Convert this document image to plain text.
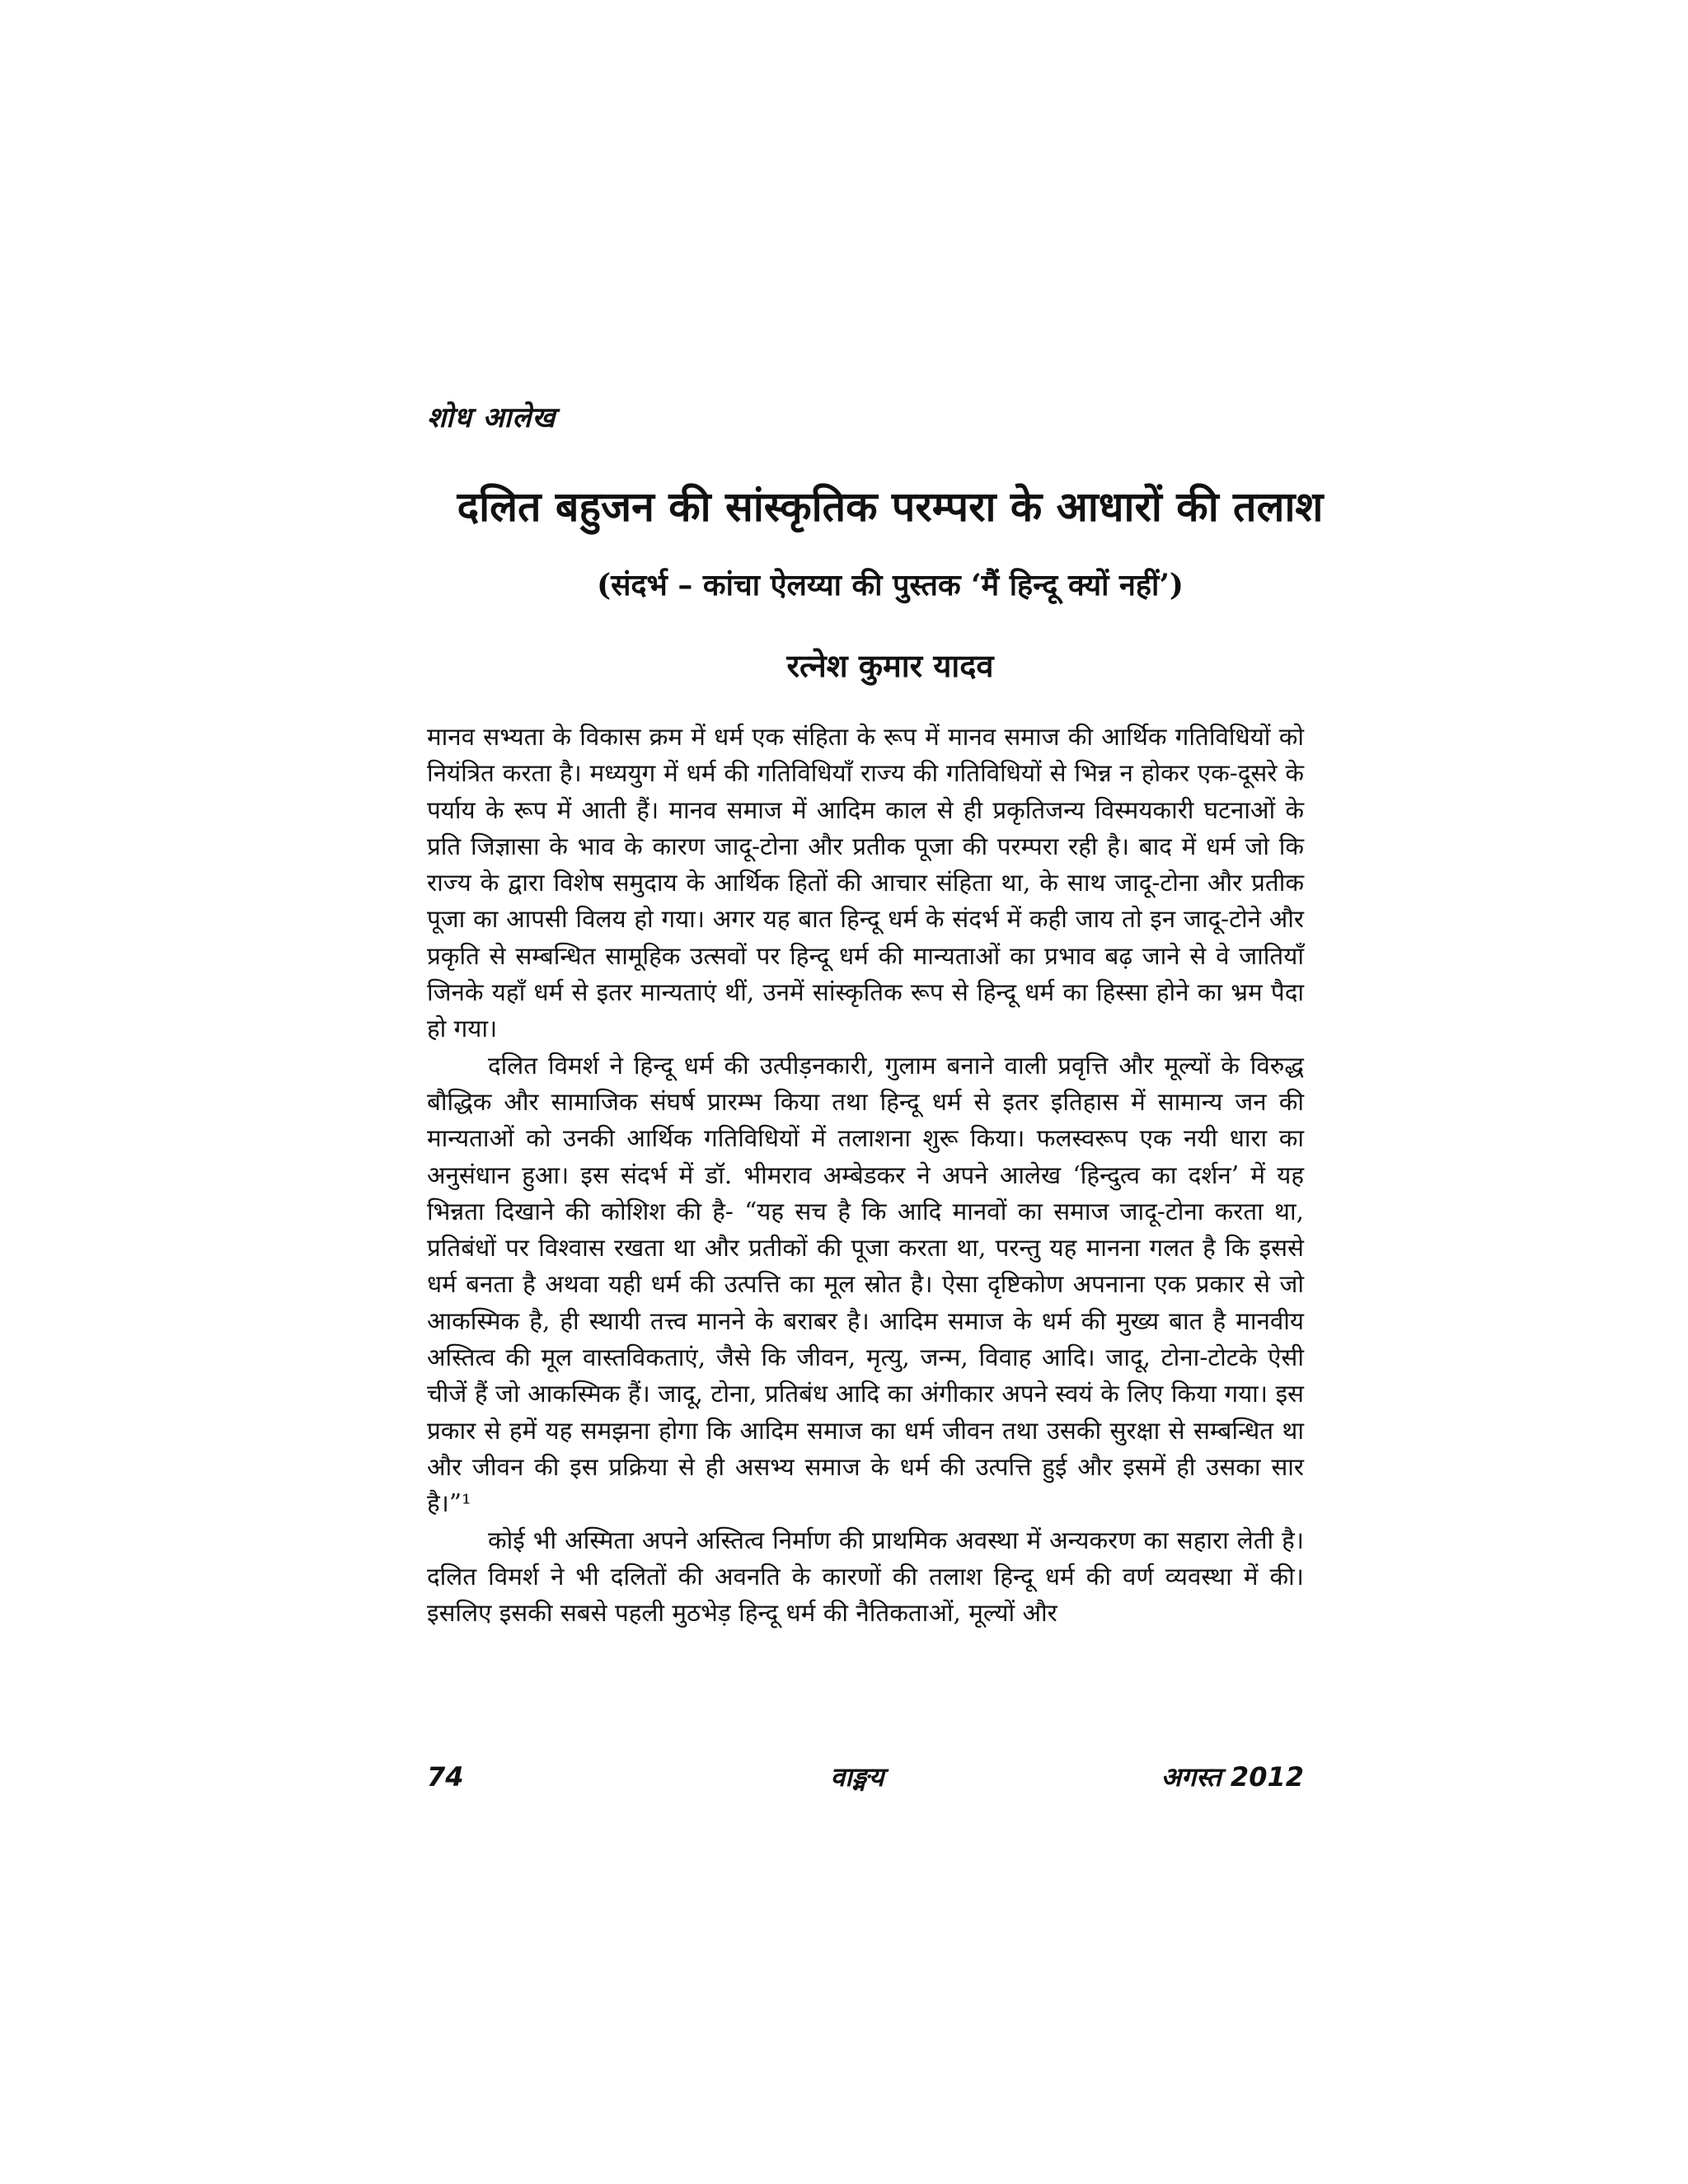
शोध आलेख
दलित बहुजन की सांस्कृतिक परम्परा के आधारों की तलाश
(संदर्भ – कांचा ऐलय्या की पुस्तक ‘मैं हिन्दू क्यों नहीं’)
रत्नेश कुमार यादव

मानव सभ्यता के विकास क्रम में धर्म एक संहिता के रूप में मानव समाज की आर्थिक गतिविधियों को नियंत्रित करता है। मध्ययुग में धर्म की गतिविधियाँ राज्य की गतिविधियों से भिन्न न होकर एक-दूसरे के पर्याय के रूप में आती हैं। मानव समाज में आदिम काल से ही प्रकृतिजन्य विस्मयकारी घटनाओं के प्रति जिज्ञासा के भाव के कारण जादू-टोना और प्रतीक पूजा की परम्परा रही है। बाद में धर्म जो कि राज्य के द्वारा विशेष समुदाय के आर्थिक हितों की आचार संहिता था, के साथ जादू-टोना और प्रतीक पूजा का आपसी विलय हो गया। अगर यह बात हिन्दू धर्म के संदर्भ में कही जाय तो इन जादू-टोने और प्रकृति से सम्बन्धित सामूहिक उत्सवों पर हिन्दू धर्म की मान्यताओं का प्रभाव बढ़ जाने से वे जातियाँ जिनके यहाँ धर्म से इतर मान्यताएं थीं, उनमें सांस्कृतिक रूप से हिन्दू धर्म का हिस्सा होने का भ्रम पैदा हो गया।

दलित विमर्श ने हिन्दू धर्म की उत्पीड़नकारी, गुलाम बनाने वाली प्रवृत्ति और मूल्यों के विरुद्ध बौद्धिक और सामाजिक संघर्ष प्रारम्भ किया तथा हिन्दू धर्म से इतर इतिहास में सामान्य जन की मान्यताओं को उनकी आर्थिक गतिविधियों में तलाशना शुरू किया। फलस्वरूप एक नयी धारा का अनुसंधान हुआ। इस संदर्भ में डॉ. भीमराव अम्बेडकर ने अपने आलेख ‘हिन्दुत्व का दर्शन’ में यह भिन्नता दिखाने की कोशिश की है- “यह सच है कि आदि मानवों का समाज जादू-टोना करता था, प्रतिबंधों पर विश्वास रखता था और प्रतीकों की पूजा करता था, परन्तु यह मानना गलत है कि इससे धर्म बनता है अथवा यही धर्म की उत्पत्ति का मूल स्रोत है। ऐसा दृष्टिकोण अपनाना एक प्रकार से जो आकस्मिक है, ही स्थायी तत्त्व मानने के बराबर है। आदिम समाज के धर्म की मुख्य बात है मानवीय अस्तित्व की मूल वास्तविकताएं, जैसे कि जीवन, मृत्यु, जन्म, विवाह आदि। जादू, टोना-टोटके ऐसी चीजें हैं जो आकस्मिक हैं। जादू, टोना, प्रतिबंध आदि का अंगीकार अपने स्वयं के लिए किया गया। इस प्रकार से हमें यह समझना होगा कि आदिम समाज का धर्म जीवन तथा उसकी सुरक्षा से सम्बन्धित था और जीवन की इस प्रक्रिया से ही असभ्य समाज के धर्म की उत्पत्ति हुई और इसमें ही उसका सार है।”¹

कोई भी अस्मिता अपने अस्तित्व निर्माण की प्राथमिक अवस्था में अन्यकरण का सहारा लेती है। दलित विमर्श ने भी दलितों की अवनति के कारणों की तलाश हिन्दू धर्म की वर्ण व्यवस्था में की। इसलिए इसकी सबसे पहली मुठभेड़ हिन्दू धर्म की नैतिकताओं, मूल्यों और

74	वाङ्मय	अगस्त 2012
